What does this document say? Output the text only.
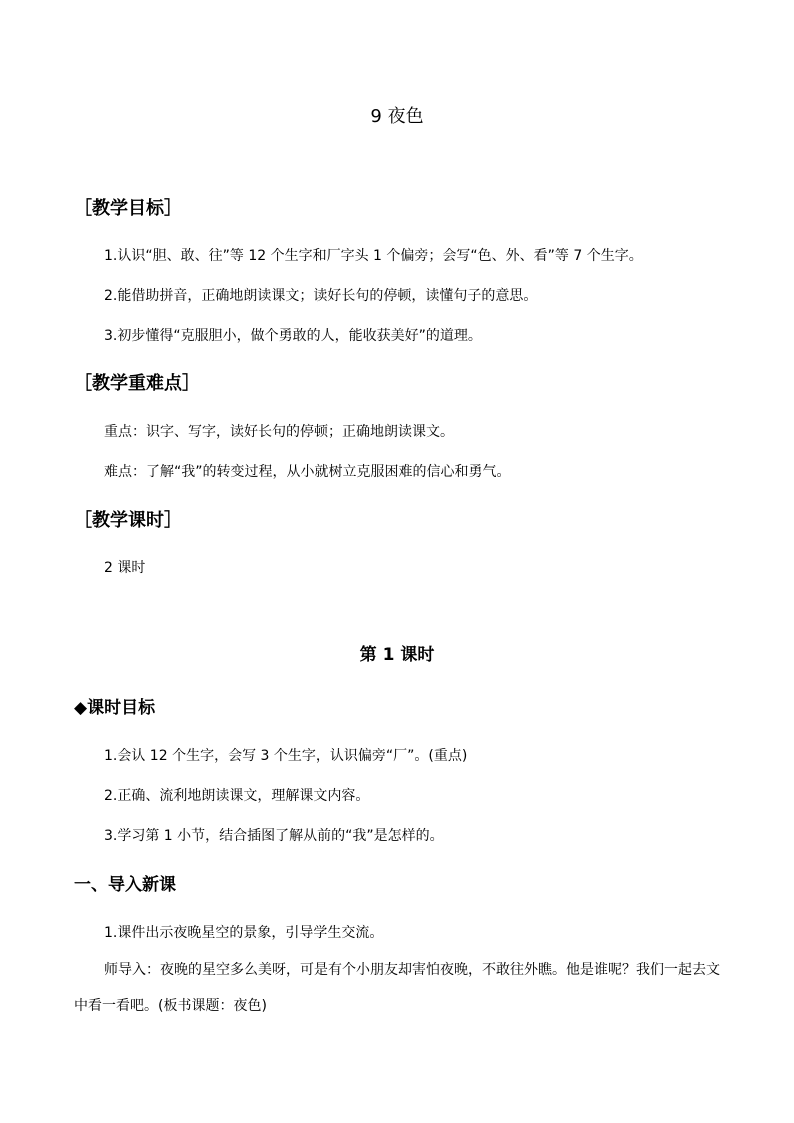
9 夜色
［教学目标］
1.认识“胆、敢、往”等 12 个生字和厂字头 1 个偏旁；会写“色、外、看”等 7 个生字。
2.能借助拼音，正确地朗读课文；读好长句的停顿，读懂句子的意思。
3.初步懂得“克服胆小，做个勇敢的人，能收获美好”的道理。
［教学重难点］
重点：识字、写字，读好长句的停顿；正确地朗读课文。
难点：了解“我”的转变过程，从小就树立克服困难的信心和勇气。
［教学课时］
2 课时
第 1 课时
◆课时目标
1.会认 12 个生字，会写 3 个生字，认识偏旁“厂”。(重点)
2.正确、流利地朗读课文，理解课文内容。
3.学习第 1 小节，结合插图了解从前的“我”是怎样的。
一、导入新课
1.课件出示夜晚星空的景象，引导学生交流。
师导入：夜晚的星空多么美呀，可是有个小朋友却害怕夜晚，不敢往外瞧。他是谁呢？我们一起去文中看一看吧。(板书课题：夜色)
